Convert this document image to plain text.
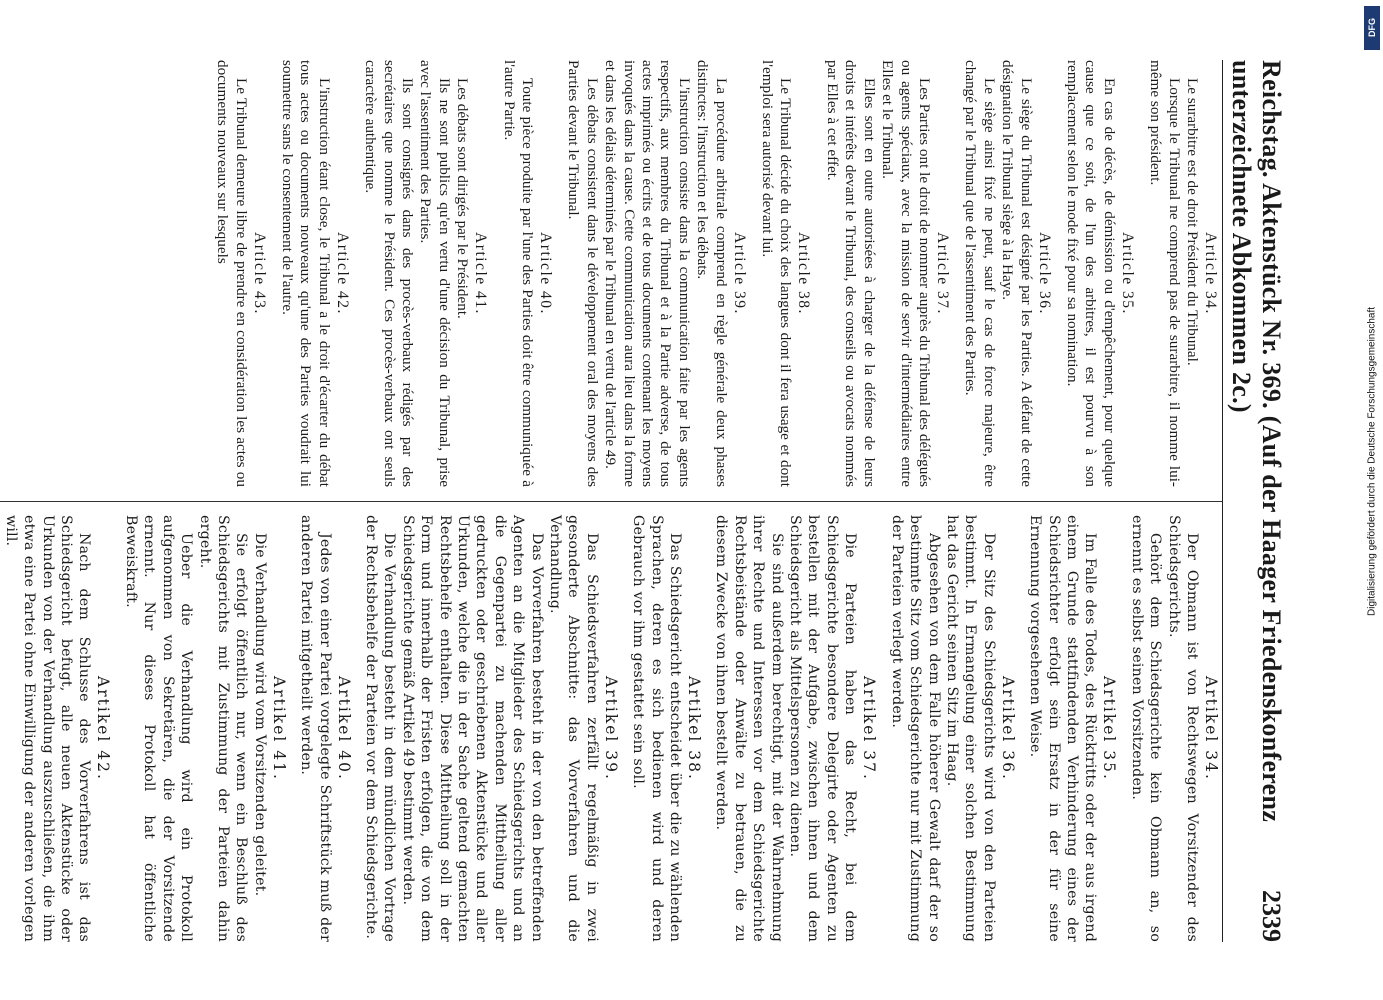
Reichstag. Aktenstück Nr. 369. (Auf der Haager Friedenskonferenz unterzeichnete Abkommen 2c.)
2339
Article 34.

Le surarbitre est de droit Président du Tribunal.

Lorsque le Tribunal ne comprend pas de surarbitre, il nomme lui-même son président.

Article 35.

En cas de décès, de démission ou d'empêchement, pour quelque cause que ce soit, de l'un des arbitres, il est pourvu à son remplacement selon le mode fixé pour sa nomination.

Article 36.

Le siège du Tribunal est désigné par les Parties. A défaut de cette désignation le Tribunal siège à la Haye.

Le siège ainsi fixé ne peut, sauf le cas de force majeure, être changé par le Tribunal que de l'assentiment des Parties.

Article 37.

Les Parties ont le droit de nommer auprès du Tribunal des délégués ou agents spéciaux, avec la mission de servir d'intermédiaires entre Elles et le Tribunal.

Elles sont en outre autorisées à charger de la défense de leurs droits et intérêts devant le Tribunal, des conseils ou avocats nommés par Elles à cet effet.

Article 38.

Le Tribunal décide du choix des langues dont il fera usage et dont l'emploi sera autorisé devant lui.

Article 39.

La procédure arbitrale comprend en règle générale deux phases distinctes: l'instruction et les débats.

L'instruction consiste dans la communication faite par les agents respectifs, aux membres du Tribunal et à la Partie adverse, de tous actes imprimés ou écrits et de tous documents contenant les moyens invoqués dans la cause. Cette communication aura lieu dans la forme et dans les délais déterminés par le Tribunal en vertu de l'article 49.

Les débats consistent dans le développement oral des moyens des Parties devant le Tribunal.

Article 40.

Toute pièce produite par l'une des Parties doit être communiquée à l'autre Partie.

Article 41.

Les débats sont dirigés par le Président.

Ils ne sont publics qu'en vertu d'une décision du Tribunal, prise avec l'assentiment des Parties.

Ils sont consignés dans des procès-verbaux rédigés par des secrétaires que nomme le Président. Ces procès-verbaux ont seuls caractère authentique.

Article 42.

L'instruction étant close, le Tribunal a le droit d'écarter du débat tous actes ou documents nouveaux qu'une des Parties voudrait lui soumettre sans le consentement de l'autre.

Article 43.

Le Tribunal demeure libre de prendre en considération les actes ou documents nouveaux sur lesquels

Artikel 34.

Der Obmann ist von Rechtswegen Vorsitzender des Schiedsgerichts.

Gehört dem Schiedsgerichte kein Obmann an, so ernennt es selbst seinen Vorsitzenden.

Artikel 35.

Im Falle des Todes, des Rücktritts oder der aus irgend einem Grunde stattfindenden Verhinderung eines der Schiedsrichter erfolgt sein Ersatz in der für seine Ernennung vorgesehenen Weise.

Artikel 36.

Der Sitz des Schiedsgerichts wird von den Parteien bestimmt. In Ermangelung einer solchen Bestimmung hat das Gericht seinen Sitz im Haag.

Abgesehen von dem Falle höherer Gewalt darf der so bestimmte Sitz vom Schiedsgerichte nur mit Zustimmung der Parteien verlegt werden.

Artikel 37.

Die Parteien haben das Recht, bei dem Schiedsgerichte besondere Delegirte oder Agenten zu bestellen mit der Aufgabe, zwischen ihnen und dem Schiedsgericht als Mittelspersonen zu dienen.

Sie sind außerdem berechtigt, mit der Wahrnehmung ihrer Rechte und Interessen vor dem Schiedsgerichte Rechtsbeistände oder Anwälte zu betrauen, die zu diesem Zwecke von ihnen bestellt werden.

Artikel 38.

Das Schiedsgericht entscheidet über die zu wählenden Sprachen, deren es sich bedienen wird und deren Gebrauch vor ihm gestattet sein soll.

Artikel 39.

Das Schiedsverfahren zerfällt regelmäßig in zwei gesonderte Abschnitte: das Vorverfahren und die Verhandlung.

Das Vorverfahren besteht in der von den betreffenden Agenten an die Mitglieder des Schiedsgerichts und an die Gegenpartei zu machenden Mittheilung aller gedruckten oder geschriebenen Aktenstücke und aller Urkunden, welche die in der Sache geltend gemachten Rechtsbehelfe enthalten. Diese Mittheilung soll in der Form und innerhalb der Fristen erfolgen, die von dem Schiedsgerichte gemäß Artikel 49 bestimmt werden.

Die Verhandlung besteht in dem mündlichen Vortrage der Rechtsbehelfe der Parteien vor dem Schiedsgerichte.

Artikel 40.

Jedes von einer Partei vorgelegte Schriftstück muß der anderen Partei mitgetheilt werden.

Artikel 41.

Die Verhandlung wird vom Vorsitzenden geleitet.

Sie erfolgt öffentlich nur, wenn ein Beschluß des Schiedsgerichts mit Zustimmung der Parteien dahin ergeht.

Ueber die Verhandlung wird ein Protokoll aufgenommen von Sekretären, die der Vorsitzende ernennt. Nur dieses Protokoll hat öffentliche Beweiskraft.

Artikel 42.

Nach dem Schlusse des Vorverfahrens ist das Schiedsgericht befugt, alle neuen Aktenstücke oder Urkunden von der Verhandlung auszuschließen, die ihm etwa eine Partei ohne Einwilligung der anderen vorlegen will.

DFG
Digitalisierung gefördert durch die Deutsche Forschungsgemeinschaft
